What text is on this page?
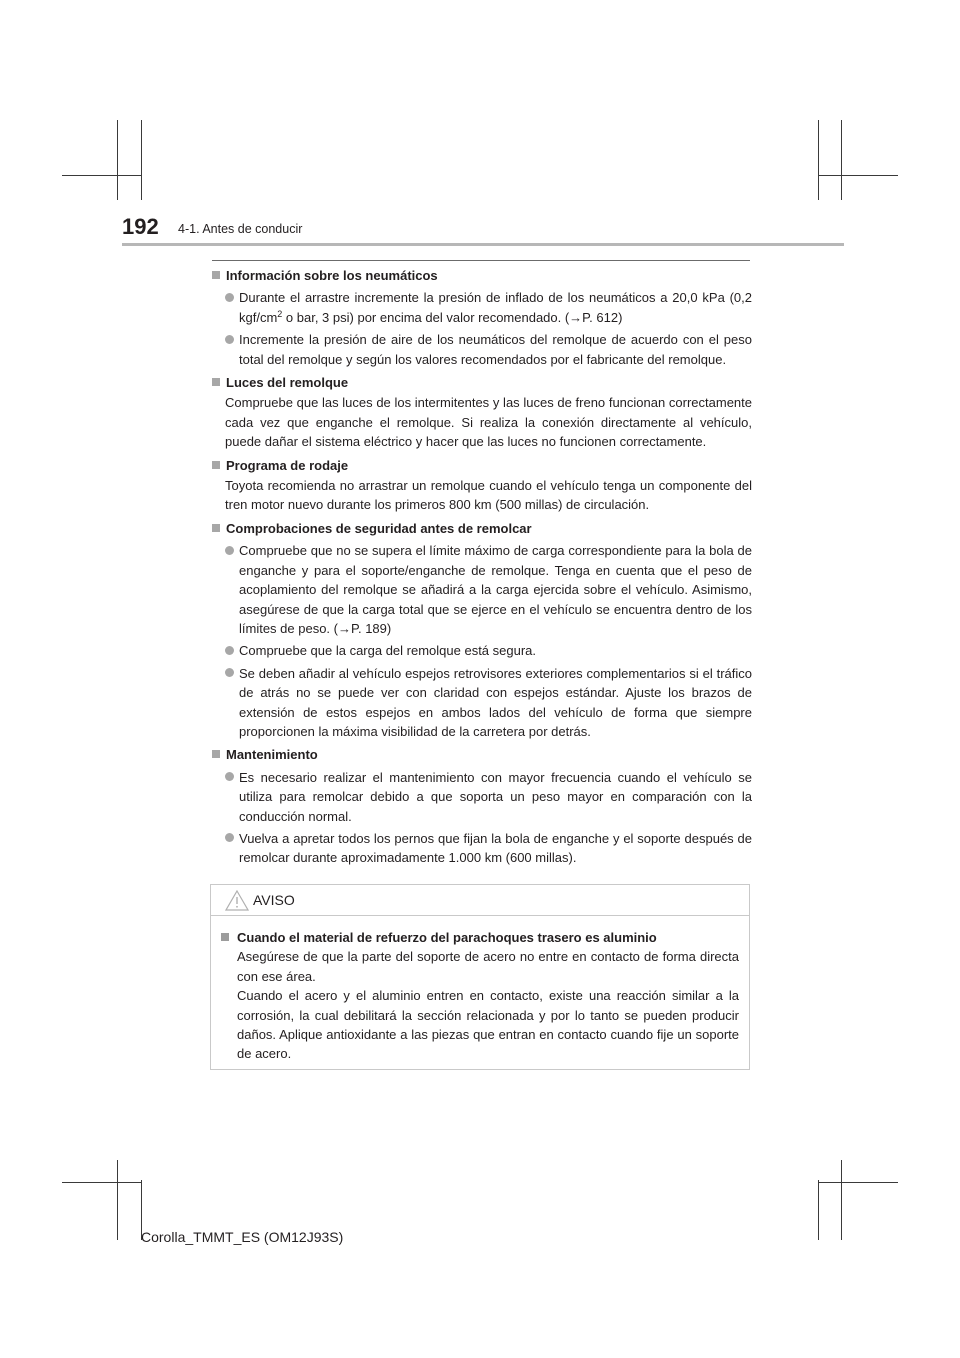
192 4-1. Antes de conducir
Información sobre los neumáticos
Durante el arrastre incremente la presión de inflado de los neumáticos a 20,0 kPa (0,2 kgf/$cm^2$ o bar, 3 psi) por encima del valor recomendado. (→P. 612)
Incremente la presión de aire de los neumáticos del remolque de acuerdo con el peso total del remolque y según los valores recomendados por el fabricante del remolque.
Luces del remolque
Compruebe que las luces de los intermitentes y las luces de freno funcionan correctamente cada vez que enganche el remolque. Si realiza la conexión directamente al vehículo, puede dañar el sistema eléctrico y hacer que las luces no funcionen correctamente.
Programa de rodaje
Toyota recomienda no arrastrar un remolque cuando el vehículo tenga un componente del tren motor nuevo durante los primeros 800 km (500 millas) de circulación.
Comprobaciones de seguridad antes de remolcar
Compruebe que no se supera el límite máximo de carga correspondiente para la bola de enganche y para el soporte/enganche de remolque. Tenga en cuenta que el peso de acoplamiento del remolque se añadirá a la carga ejercida sobre el vehículo. Asimismo, asegúrese de que la carga total que se ejerce en el vehículo se encuentra dentro de los límites de peso. (→P. 189)
Compruebe que la carga del remolque está segura.
Se deben añadir al vehículo espejos retrovisores exteriores complementarios si el tráfico de atrás no se puede ver con claridad con espejos estándar. Ajuste los brazos de extensión de estos espejos en ambos lados del vehículo de forma que siempre proporcionen la máxima visibilidad de la carretera por detrás.
Mantenimiento
Es necesario realizar el mantenimiento con mayor frecuencia cuando el vehículo se utiliza para remolcar debido a que soporta un peso mayor en comparación con la conducción normal.
Vuelva a apretar todos los pernos que fijan la bola de enganche y el soporte después de remolcar durante aproximadamente 1.000 km (600 millas).
AVISO
Cuando el material de refuerzo del parachoques trasero es aluminio

Asegúrese de que la parte del soporte de acero no entre en contacto de forma directa con ese área.

Cuando el acero y el aluminio entren en contacto, existe una reacción similar a la corrosión, la cual debilitará la sección relacionada y por lo tanto se pueden producir daños. Aplique antioxidante a las piezas que entran en contacto cuando fije un soporte de acero.

Corolla_TMMT_ES (OM12J93S)
